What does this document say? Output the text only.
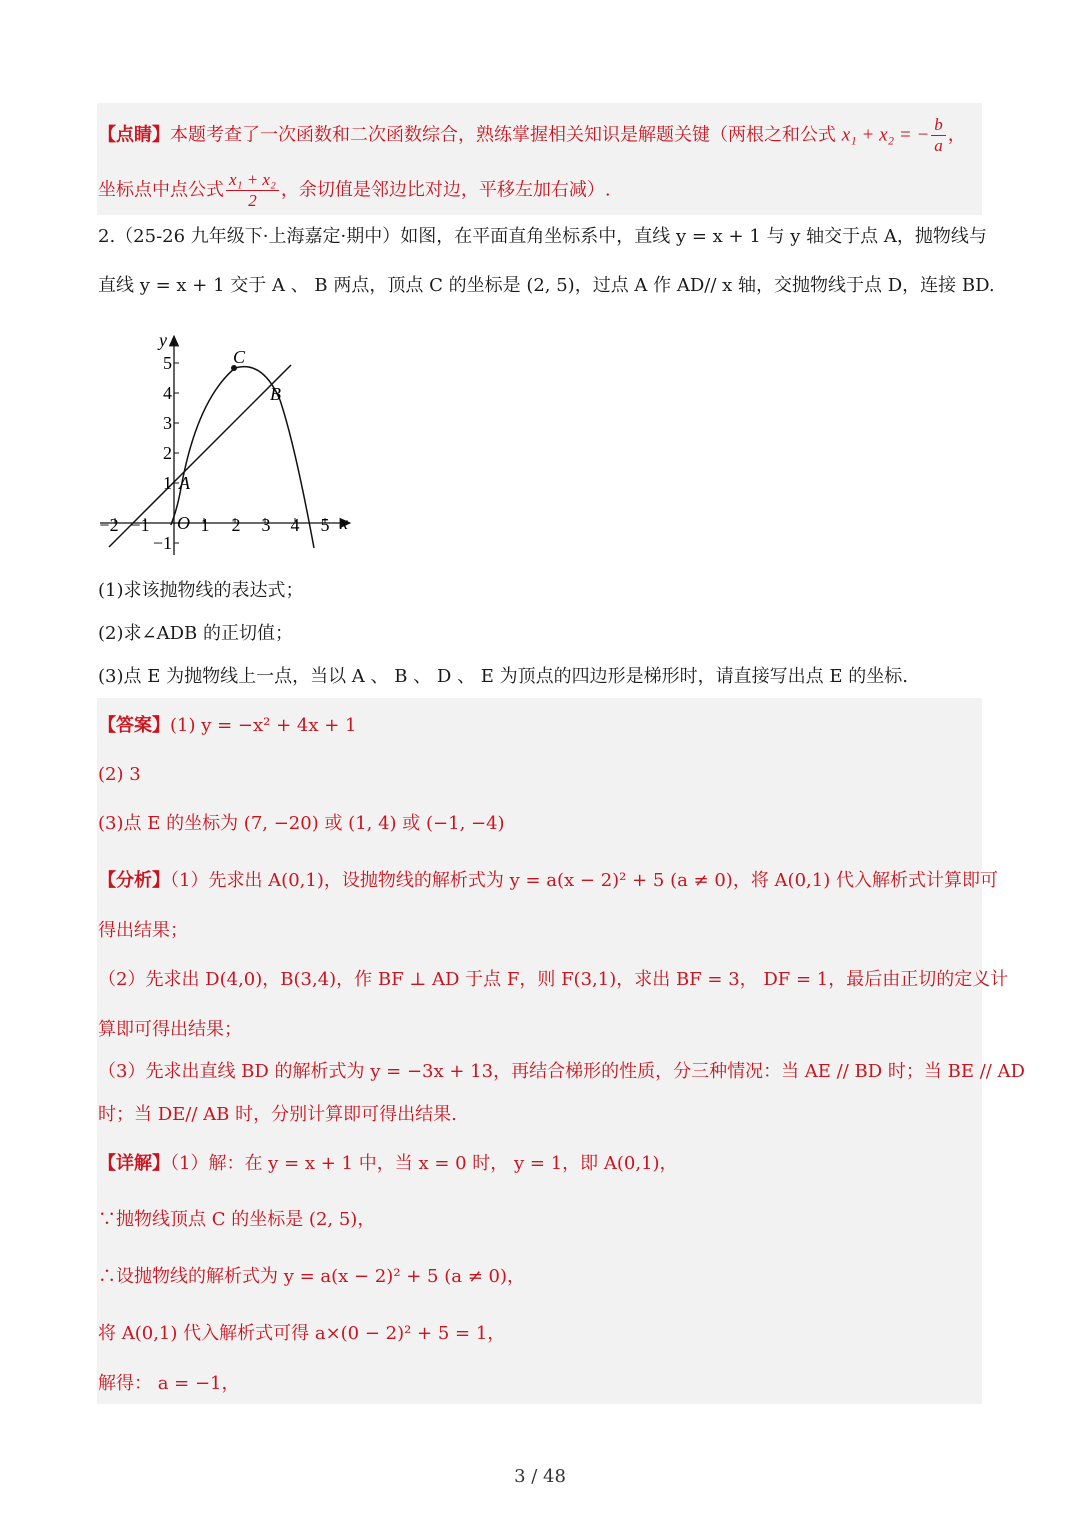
【点睛】本题考查了一次函数和二次函数综合，熟练掌握相关知识是解题关键（两根之和公式 x₁ + x₂ = − $\frac{b}{a}$ ，
坐标点中点公式 $\frac{\text{x₁ + x₂}}{2}$ ，余切值是邻边比对边，平移左加右减）.
2.（25-26 九年级下·上海嘉定·期中）如图，在平面直角坐标系中，直线 y = x + 1 与 y 轴交于点 A，抛物线与
直线 y = x + 1 交于 A 、 B 两点，顶点 C 的坐标是 (2, 5)，过点 A 作 AD// x 轴，交抛物线于点 D，连接 BD.
y
x
O
A
B
C
−2 −1	1 2 3 4 5
5
4
3
2
1
−1
(1)求该抛物线的表达式；
(2)求∠ADB 的正切值；
(3)点 E 为抛物线上一点，当以 A 、 B 、 D 、 E 为顶点的四边形是梯形时，请直接写出点 E 的坐标.
【答案】(1) y = −x² + 4x + 1
(2) 3
(3)点 E 的坐标为 (7, −20) 或 (1, 4) 或 (−1, −4)
【分析】（1）先求出 A(0,1)，设抛物线的解析式为 y = a(x − 2)² + 5 (a ≠ 0)，将 A(0,1) 代入解析式计算即可
得出结果；
（2）先求出 D(4,0)，B(3,4)，作 BF ⊥ AD 于点 F，则 F(3,1)，求出 BF = 3， DF = 1，最后由正切的定义计
算即可得出结果；
（3）先求出直线 BD 的解析式为 y = −3x + 13，再结合梯形的性质，分三种情况：当 AE // BD 时；当 BE // AD
时；当 DE// AB 时，分别计算即可得出结果.
【详解】（1）解：在 y = x + 1 中，当 x = 0 时， y = 1，即 A(0,1)，
∵抛物线顶点 C 的坐标是 (2, 5)，
∴设抛物线的解析式为 y = a(x − 2)² + 5 (a ≠ 0)，
将 A(0,1) 代入解析式可得 a×(0 − 2)² + 5 = 1，
解得： a = −1，
3 / 48
